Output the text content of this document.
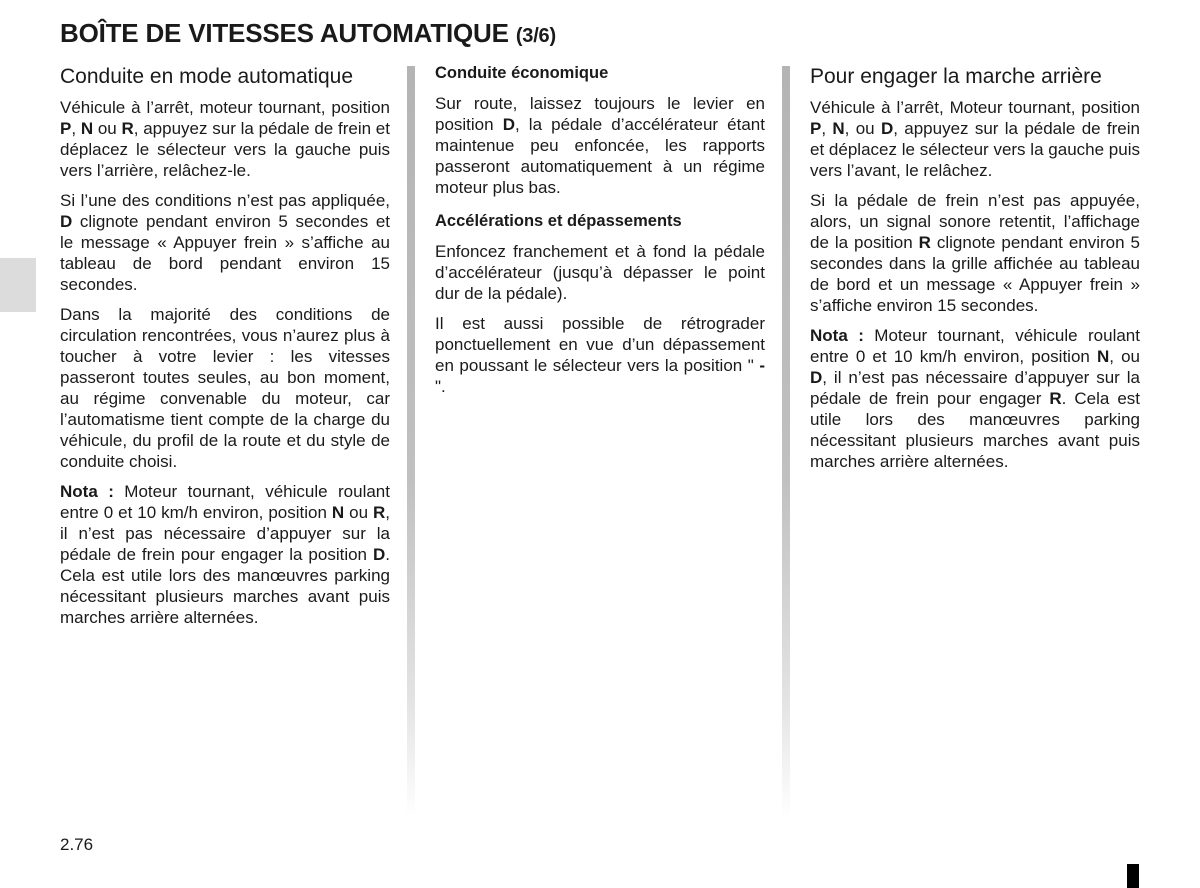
BOÎTE DE VITESSES AUTOMATIQUE (3/6)
Conduite en mode automatique

Véhicule à l’arrêt, moteur tournant, position P, N ou R, appuyez sur la pédale de frein et déplacez le sélecteur vers la gauche puis vers l’arrière, relâchez-le.

Si l’une des conditions n’est pas appliquée, D clignote pendant environ 5 secondes et le message « Appuyer frein » s’affiche au tableau de bord pendant environ 15 secondes.

Dans la majorité des conditions de circulation rencontrées, vous n’aurez plus à toucher à votre levier : les vitesses passeront toutes seules, au bon moment, au régime convenable du moteur, car l’automatisme tient compte de la charge du véhicule, du profil de la route et du style de conduite choisi.

Nota : Moteur tournant, véhicule roulant entre 0 et 10 km/h environ, position N ou R, il n’est pas nécessaire d’appuyer sur la pédale de frein pour engager la position D. Cela est utile lors des manœuvres parking nécessitant plusieurs marches avant puis marches arrière alternées.

Conduite économique

Sur route, laissez toujours le levier en position D, la pédale d’accélérateur étant maintenue peu enfoncée, les rapports passeront automatiquement à un régime moteur plus bas.

Accélérations et dépassements

Enfoncez franchement et à fond la pédale d’accélérateur (jusqu’à dépasser le point dur de la pédale).

Il est aussi possible de rétrograder ponctuellement en vue d’un dépassement en poussant le sélecteur vers la position " - ".

Pour engager la marche arrière

Véhicule à l’arrêt, Moteur tournant, position P, N, ou D, appuyez sur la pédale de frein et déplacez le sélecteur vers la gauche puis vers l’avant, le relâchez.

Si la pédale de frein n’est pas appuyée, alors, un signal sonore retentit, l’affichage de la position R clignote pendant environ 5 secondes dans la grille affichée au tableau de bord et un message « Appuyer frein » s’affiche environ 15 secondes.

Nota : Moteur tournant, véhicule roulant entre 0 et 10 km/h environ, position N, ou D, il n’est pas nécessaire d’appuyer sur la pédale de frein pour engager R. Cela est utile lors des manœuvres parking nécessitant plusieurs marches avant puis marches arrière alternées.

2.76
